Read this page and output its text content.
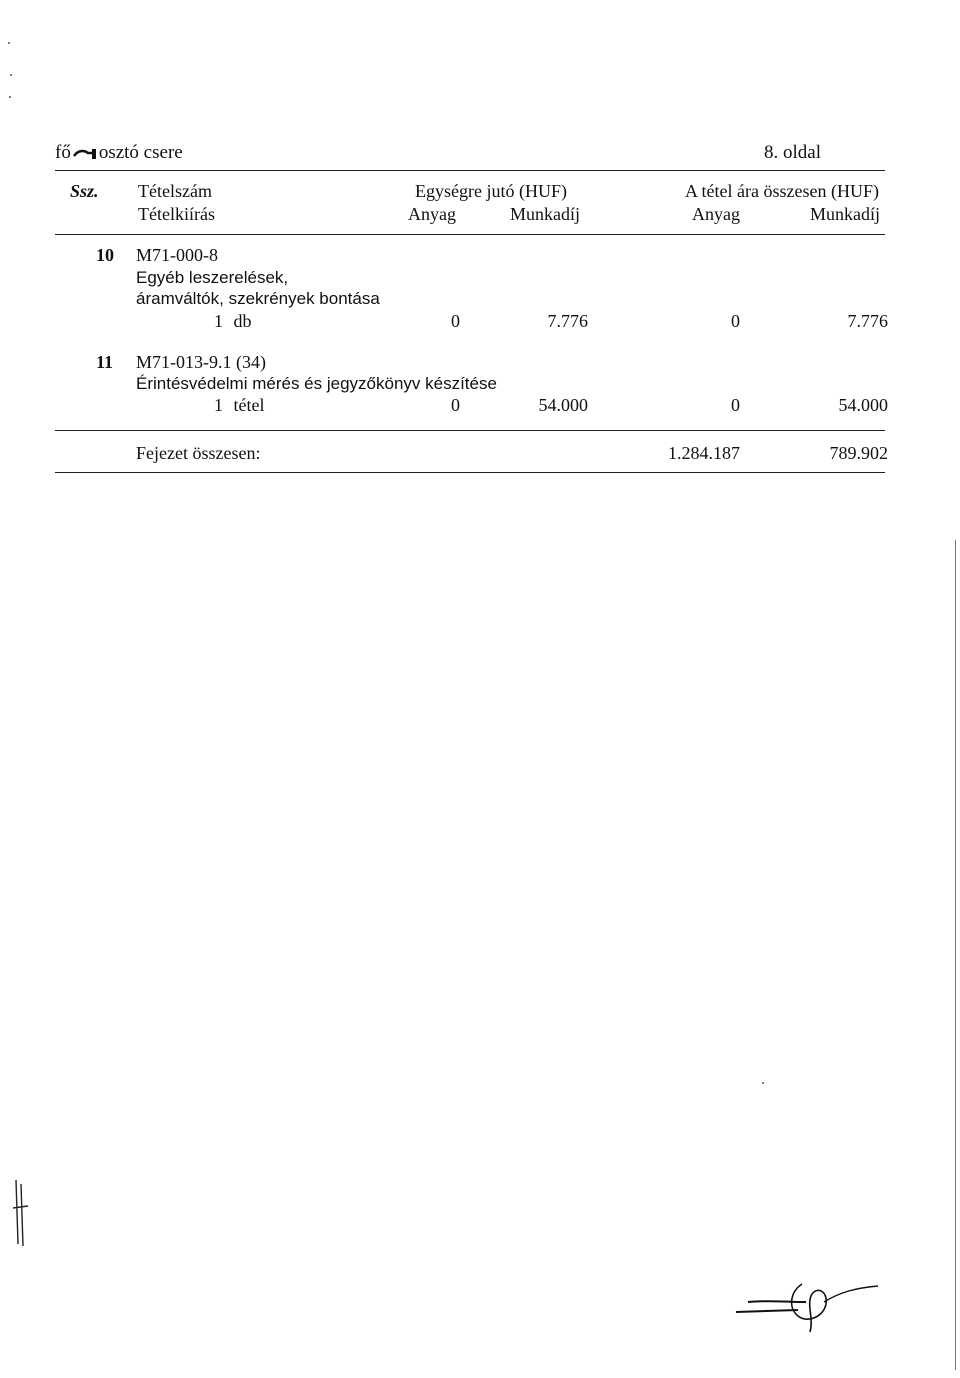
fő osztó csere	8. oldal
Ssz. Tételszám
Tételkiírás
Egységre jutó (HUF)	A tétel ára összesen (HUF)
Anyag	Munkadíj	Anyag	Munkadíj
10 M71-000-8
Egyéb leszerelések,
áramváltók, szekrények bontása
1 db	0	7.776	0	7.776
11 M71-013-9.1 (34)
Érintésvédelmi mérés és jegyzőkönyv készítése
1 tétel	0	54.000	0	54.000
Fejezet összesen:	1.284.187	789.902
